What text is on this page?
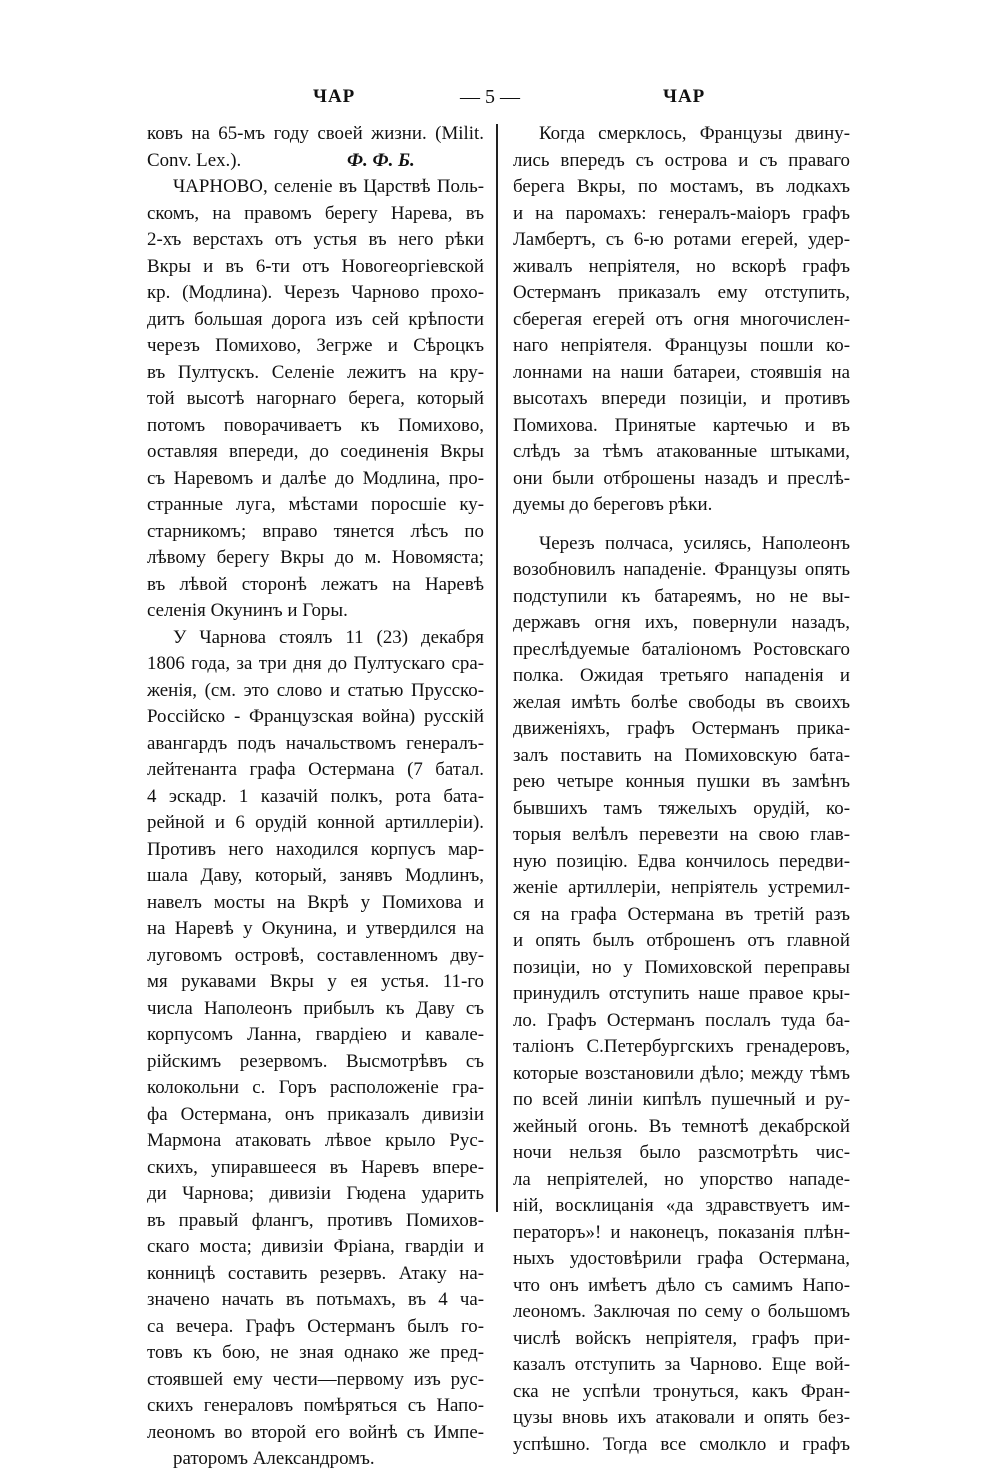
ЧАР	— 5 —	ЧАР
ковъ на 65-мъ году своей жизни. (Milit.
Conv. Lex.).	Ф. Ф. Б.
ЧАРНОВО, селеніе въ Царствѣ Поль-
скомъ, на правомъ берегу Нарева, въ
2-хъ верстахъ отъ устья въ него рѣки
Вкры и въ 6-ти отъ Новогеоргіевской
кр. (Модлина). Черезъ Чарново прохо-
дитъ большая дорога изъ сей крѣпости
черезъ Помихово, Зегрже и Сѣроцкъ
въ Пултускъ. Селеніе лежитъ на кру-
той высотѣ нагорнаго берега, который
потомъ поворачиваетъ къ Помихово,
оставляя впереди, до соединенія Вкры
съ Наревомъ и далѣе до Модлина, про-
странные луга, мѣстами поросшіе ку-
старникомъ; вправо тянется лѣсъ по
лѣвому берегу Вкры до м. Новомяста;
въ лѣвой сторонѣ лежатъ на Наревѣ
селенія Окунинъ и Горы.
У Чарнова стоялъ 11 (23) декабря
1806 года, за три дня до Пултускаго сра-
женія, (см. это слово и статью Прусско-
Россійско - Французская война) русскій
авангардъ подъ начальствомъ генералъ-
лейтенанта графа Остермана (7 батал.
4 эскадр. 1 казачій полкъ, рота бата-
рейной и 6 орудій конной артиллеріи).
Противъ него находился корпусъ мар-
шала Даву, который, занявъ Модлинъ,
навелъ мосты на Вкрѣ у Помихова и
на Наревѣ у Окунина, и утвердился на
луговомъ островѣ, составленномъ дву-
мя рукавами Вкры у ея устья. 11-го
числа Наполеонъ прибылъ къ Даву съ
корпусомъ Ланна, гвардіею и кавале-
рійскимъ резервомъ. Высмотрѣвъ съ
колокольни с. Горъ расположеніе гра-
фа Остермана, онъ приказалъ дивизіи
Мармона атаковать лѣвое крыло Рус-
скихъ, упиравшееся въ Наревъ впере-
ди Чарнова; дивизіи Гюдена ударить
въ правый флангъ, противъ Помихов-
скаго моста; дивизіи Фріана, гвардіи и
конницѣ составить резервъ. Атаку на-
значено начать въ потьмахъ, въ 4 ча-
са вечера. Графъ Остерманъ былъ го-
товъ къ бою, не зная однако же пред-
стоявшей ему чести—первому изъ рус-
скихъ генераловъ помѣряться съ Напо-
леономъ во второй его войнѣ съ Импе-
раторомъ Александромъ.
Когда смерклось, Французы двину-
лись впередъ съ острова и съ праваго
берега Вкры, по мостамъ, въ лодкахъ
и на паромахъ: генералъ-маіоръ графъ
Ламбертъ, съ 6-ю ротами егерей, удер-
живалъ непріятеля, но вскорѣ графъ
Остерманъ приказалъ ему отступить,
сберегая егерей отъ огня многочислен-
наго непріятеля. Французы пошли ко-
лоннами на наши батареи, стоявшія на
высотахъ впереди позиціи, и противъ
Помихова. Принятые картечью и въ
слѣдъ за тѣмъ атакованные штыками,
они были отброшены назадъ и преслѣ-
дуемы до береговъ рѣки.
Черезъ полчаса, усилясь, Наполеонъ
возобновилъ нападеніе. Французы опять
подступили къ батареямъ, но не вы-
державъ огня ихъ, повернули назадъ,
преслѣдуемые баталіономъ Ростовскаго
полка. Ожидая третьяго нападенія и
желая имѣть болѣе свободы въ своихъ
движеніяхъ, графъ Остерманъ прика-
залъ поставить на Помиховскую бата-
рею четыре конныя пушки въ замѣнъ
бывшихъ тамъ тяжелыхъ орудій, ко-
торыя велѣлъ перевезти на свою глав-
ную позицію. Едва кончилось передви-
женіе артиллеріи, непріятель устремил-
ся на графа Остермана въ третій разъ
и опять былъ отброшенъ отъ главной
позиціи, но у Помиховской переправы
принудилъ отступить наше правое кры-
ло. Графъ Остерманъ послалъ туда ба-
таліонъ С.Петербургскихъ гренадеровъ,
которые возстановили дѣло; между тѣмъ
по всей линіи кипѣлъ пушечный и ру-
жейный огонь. Въ темнотѣ декабрской
ночи нельзя было разсмотрѣть чис-
ла непріятелей, но упорство нападе-
ній, восклицанія «да здравствуетъ им-
ператоръ»! и наконецъ, показанія плѣн-
ныхъ удостовѣрили графа Остермана,
что онъ имѣетъ дѣло съ самимъ Напо-
леономъ. Заключая по сему о большомъ
числѣ войскъ непріятеля, графъ при-
казалъ отступить за Чарново. Еще вой-
ска не успѣли тронуться, какъ Фран-
цузы вновь ихъ атаковали и опять без-
успѣшно. Тогда все смолкло и графъ
